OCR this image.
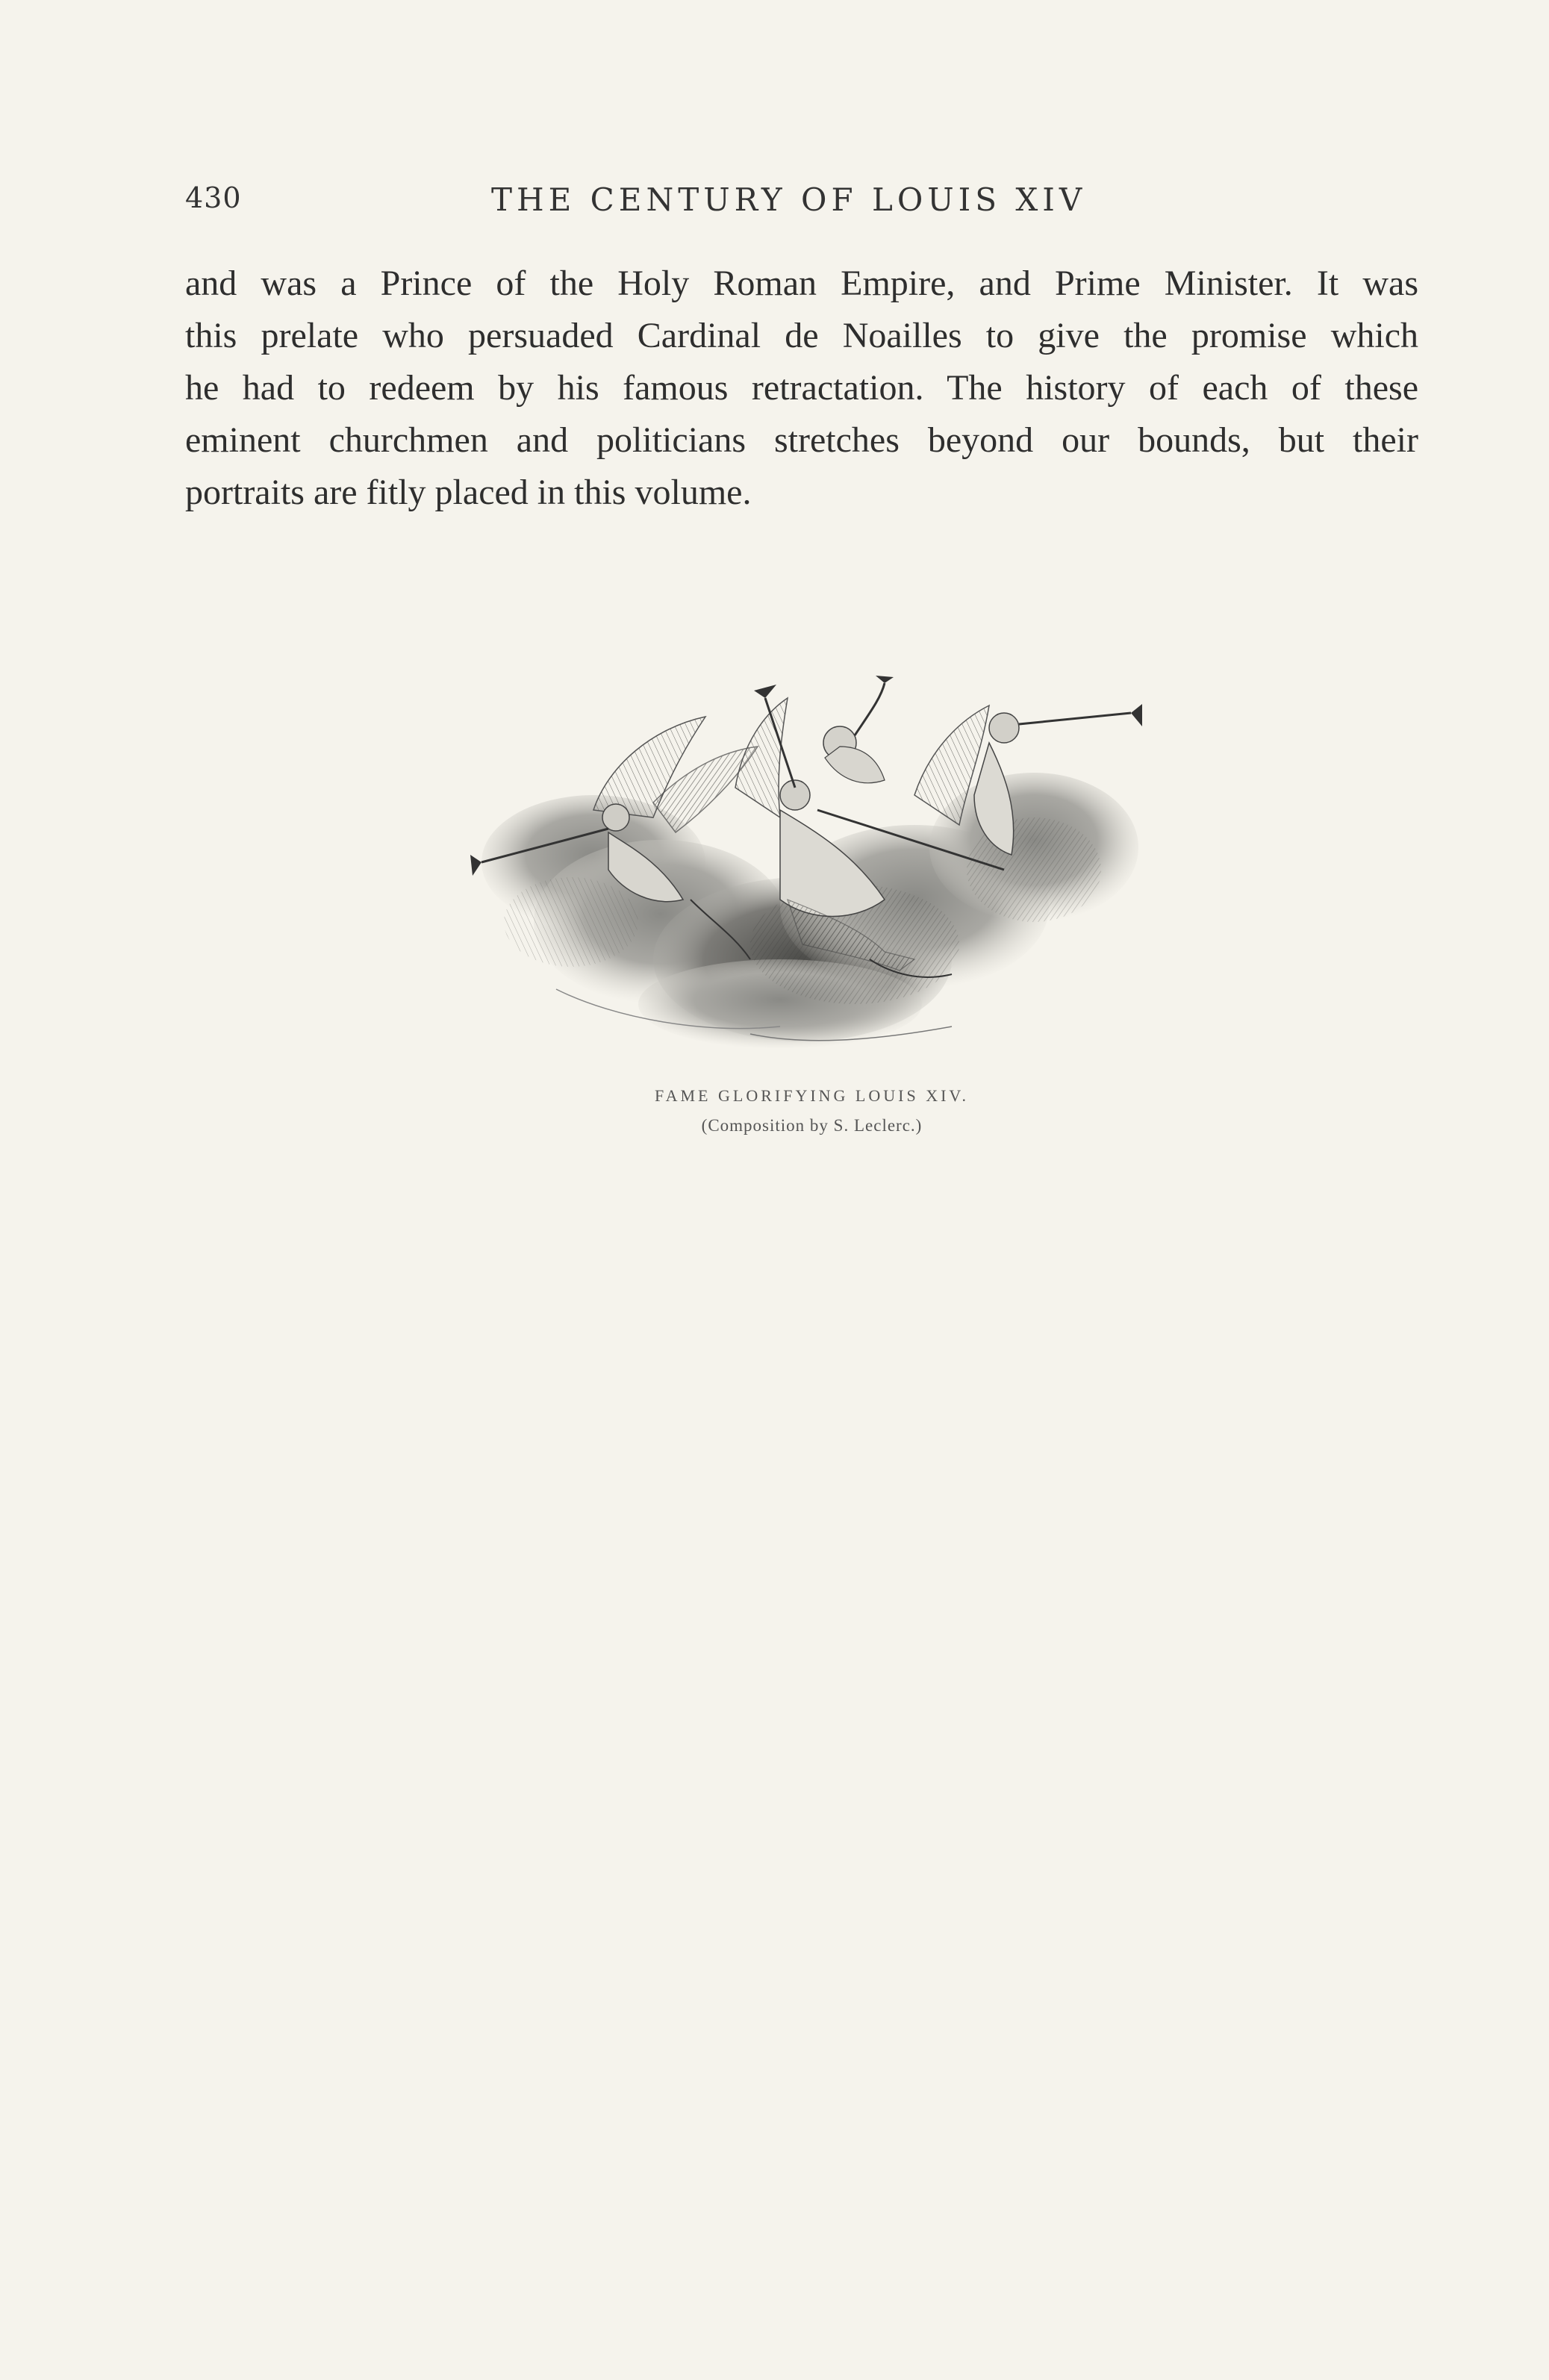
430	THE CENTURY OF LOUIS XIV
and was a Prince of the Holy Roman Empire, and Prime Minister. It was
this prelate who persuaded Cardinal de Noailles to give the promise which
he had to redeem by his famous retractation. The history of each of these
eminent churchmen and politicians stretches beyond our bounds, but their
portraits are fitly placed in this volume.
FAME GLORIFYING LOUIS XIV.
(Composition by S. Leclerc.)
